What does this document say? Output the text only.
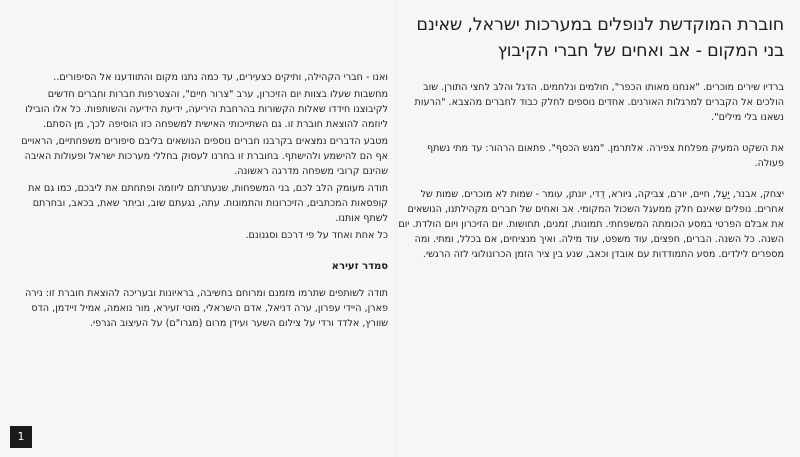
חוברת המוקדשת לנופלים במערכות ישראל, שאינם בני המקום - אב ואחים של חברי הקיבוץ

ברדיו שירים מוכרים. "אנחנו מאותו הכפר", חולמים ונלחמים. הדגל והלב לחצי התורן. שוב הולכים אל הקברים למרגלות האורנים. אחדים נוספים לחלק כבוד לחברים מהצבא. "הרעות נשאנו בלי מילים".

את השקט המעיק מפלחת צפירה. אלתרמן. "מגש הכסף". פתאום הרהור: עד מתי נשתף פעולה.

יצחק, אבנר, יַעַל, חיים, יורם, צביקה, גיורא, דֻדי, יונתן, עומר - שמות לא מוכרים. שמות של אחרים. נופלים שאינם חלק ממעגל השכול המקומי. אב ואחים של חברים מקהילתנו, הנושאים את אבלם הפרטי במסע הכומתה המשפחתי. תמונות, זמנים, תחושות. יום הזיכרון ויום הולדת. יום השנה. כל השנה. הברים, חפצים, עוד משפט, עוד מילה. ואיך מנציחים, אם בכלל, ומתי. ומה מספרים לילדים. מסע התמודדות עם אובדן וכאב, שנע בין ציר הזמן הכרונולוגי לזה הרגשי.

ואנו - חברי הקהילה, ותיקים כצעירים, עד כמה נתנו מקום והתוודענו אל הסיפורים..

מחשבות שעלו בצוות יום הזיכרון, ערב "צרור חיים", והצטרפות חברות וחברים חדשים לקיבוצנו חידדו שאלות הקשורות בהרחבת היריעה, ידיעת הידיעה והשותפות. כל אלו הובילו ליוזמה להוצאת חוברת זו. גם השתייכותי האישית למשפחה כזו הוסיפה לכך, מן הסתם.

מטבע הדברים נמצאים בקרבנו חברים נוספים הנושאים בליבם סיפורים משפחתיים, הראויים אף הם להישמע ולהישתף. בחוברת זו בחרנו לעסוק בחללי מערכות ישראל ופעולות האיבה שהינם קרובי משפחה מדרגה ראשונה.

תודה מעומק הלב לכם, בני המשפחות, שנעתרתם ליוזמה ופתחתם את ליבכם, כמו גם את קופסאות המכתבים, הזיכרונות והתמונות. עתה, נגעתם שוב, וביתר שאת, בכאב, ובחרתם לשתף אותנו.

כל אחת ואחד על פי דרכם וסגנונם.

סמדר זעירא

תודה לשותפים שתרמו מזמנם ומרוחם בחשיבה, בראיונות ובעריכה להוצאת חוברת זו: נירה פארן, היידי עפרון, ערה דניאל, אדם הישראלי, מוטי זעירא, מור נואמה, אמיל זיידמן, הדס שוורץ, אלדד ורדי על צילום השער ועידן מרום (מגרו"ם) על העיצוב הגרפי.

1
